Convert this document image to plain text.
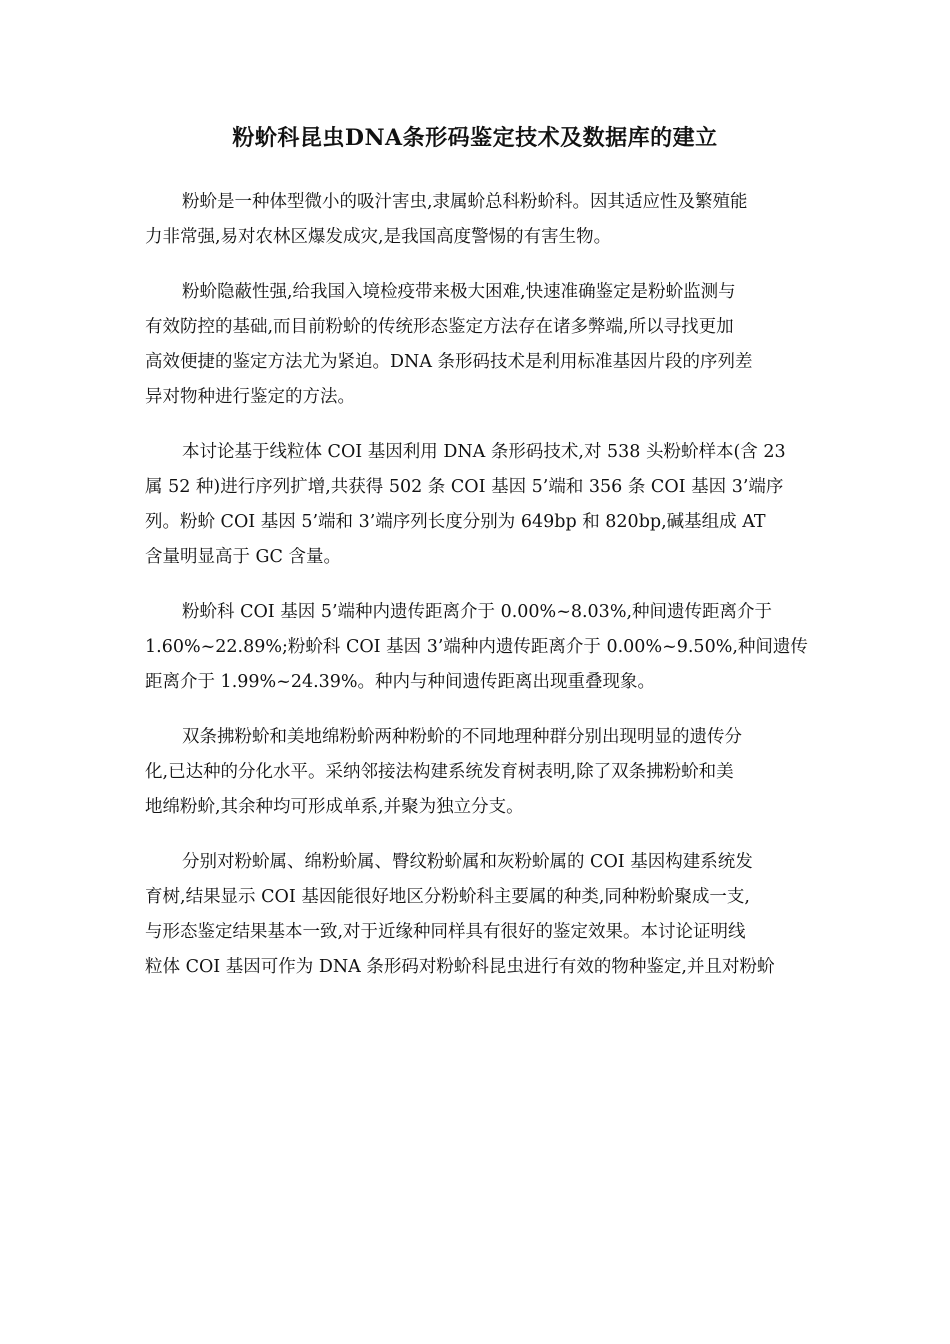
粉蚧科昆虫DNA条形码鉴定技术及数据库的建立

粉蚧是一种体型微小的吸汁害虫,隶属蚧总科粉蚧科。因其适应性及繁殖能
力非常强,易对农林区爆发成灾,是我国高度警惕的有害生物。

粉蚧隐蔽性强,给我国入境检疫带来极大困难,快速准确鉴定是粉蚧监测与
有效防控的基础,而目前粉蚧的传统形态鉴定方法存在诸多弊端,所以寻找更加
高效便捷的鉴定方法尤为紧迫。DNA 条形码技术是利用标准基因片段的序列差
异对物种进行鉴定的方法。

本讨论基于线粒体 COI 基因利用 DNA 条形码技术,对 538 头粉蚧样本(含 23
属 52 种)进行序列扩增,共获得 502 条 COI 基因 5’端和 356 条 COI 基因 3’端序
列。粉蚧 COI 基因 5’端和 3’端序列长度分别为 649bp 和 820bp,碱基组成 AT
含量明显高于 GC 含量。

粉蚧科 COI 基因 5’端种内遗传距离介于 0.00%~8.03%,种间遗传距离介于
1.60%~22.89%;粉蚧科 COI 基因 3’端种内遗传距离介于 0.00%~9.50%,种间遗传
距离介于 1.99%~24.39%。种内与种间遗传距离出现重叠现象。

双条拂粉蚧和美地绵粉蚧两种粉蚧的不同地理种群分别出现明显的遗传分
化,已达种的分化水平。采纳邻接法构建系统发育树表明,除了双条拂粉蚧和美
地绵粉蚧,其余种均可形成单系,并聚为独立分支。

分别对粉蚧属、绵粉蚧属、臀纹粉蚧属和灰粉蚧属的 COI 基因构建系统发
育树,结果显示 COI 基因能很好地区分粉蚧科主要属的种类,同种粉蚧聚成一支,
与形态鉴定结果基本一致,对于近缘种同样具有很好的鉴定效果。本讨论证明线
粒体 COI 基因可作为 DNA 条形码对粉蚧科昆虫进行有效的物种鉴定,并且对粉蚧
